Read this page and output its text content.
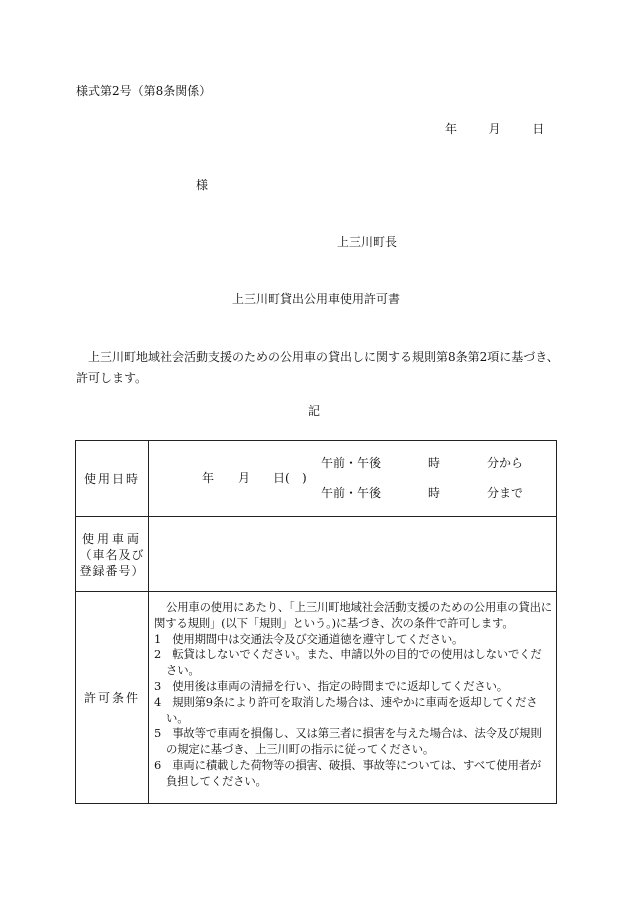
様式第2号（第8条関係）
年	月	日
様
上三川町長
上三川町貸出公用車使用許可書
上三川町地域社会活動支援のための公用車の貸出しに関する規則第8条第2項に基づき、許可します。
記
使用日時	年 月 日( )
午前・午後	時	分から
午前・午後	時	分まで
使用車両
（車名及び
登録番号）
許可条件

公用車の使用にあたり、「上三川町地域社会活動支援のための公用車の貸出に関する規則」(以下「規則」という。)に基づき、次の条件で許可します。

1　使用期間中は交通法令及び交通道徳を遵守してください。

2　転貸はしないでください。また、申請以外の目的での使用はしないでください。

3　使用後は車両の清掃を行い、指定の時間までに返却してください。

4　規則第9条により許可を取消した場合は、速やかに車両を返却してください。

5　事故等で車両を損傷し、又は第三者に損害を与えた場合は、法令及び規則の規定に基づき、上三川町の指示に従ってください。

6　車両に積載した荷物等の損害、破損、事故等については、すべて使用者が負担してください。
